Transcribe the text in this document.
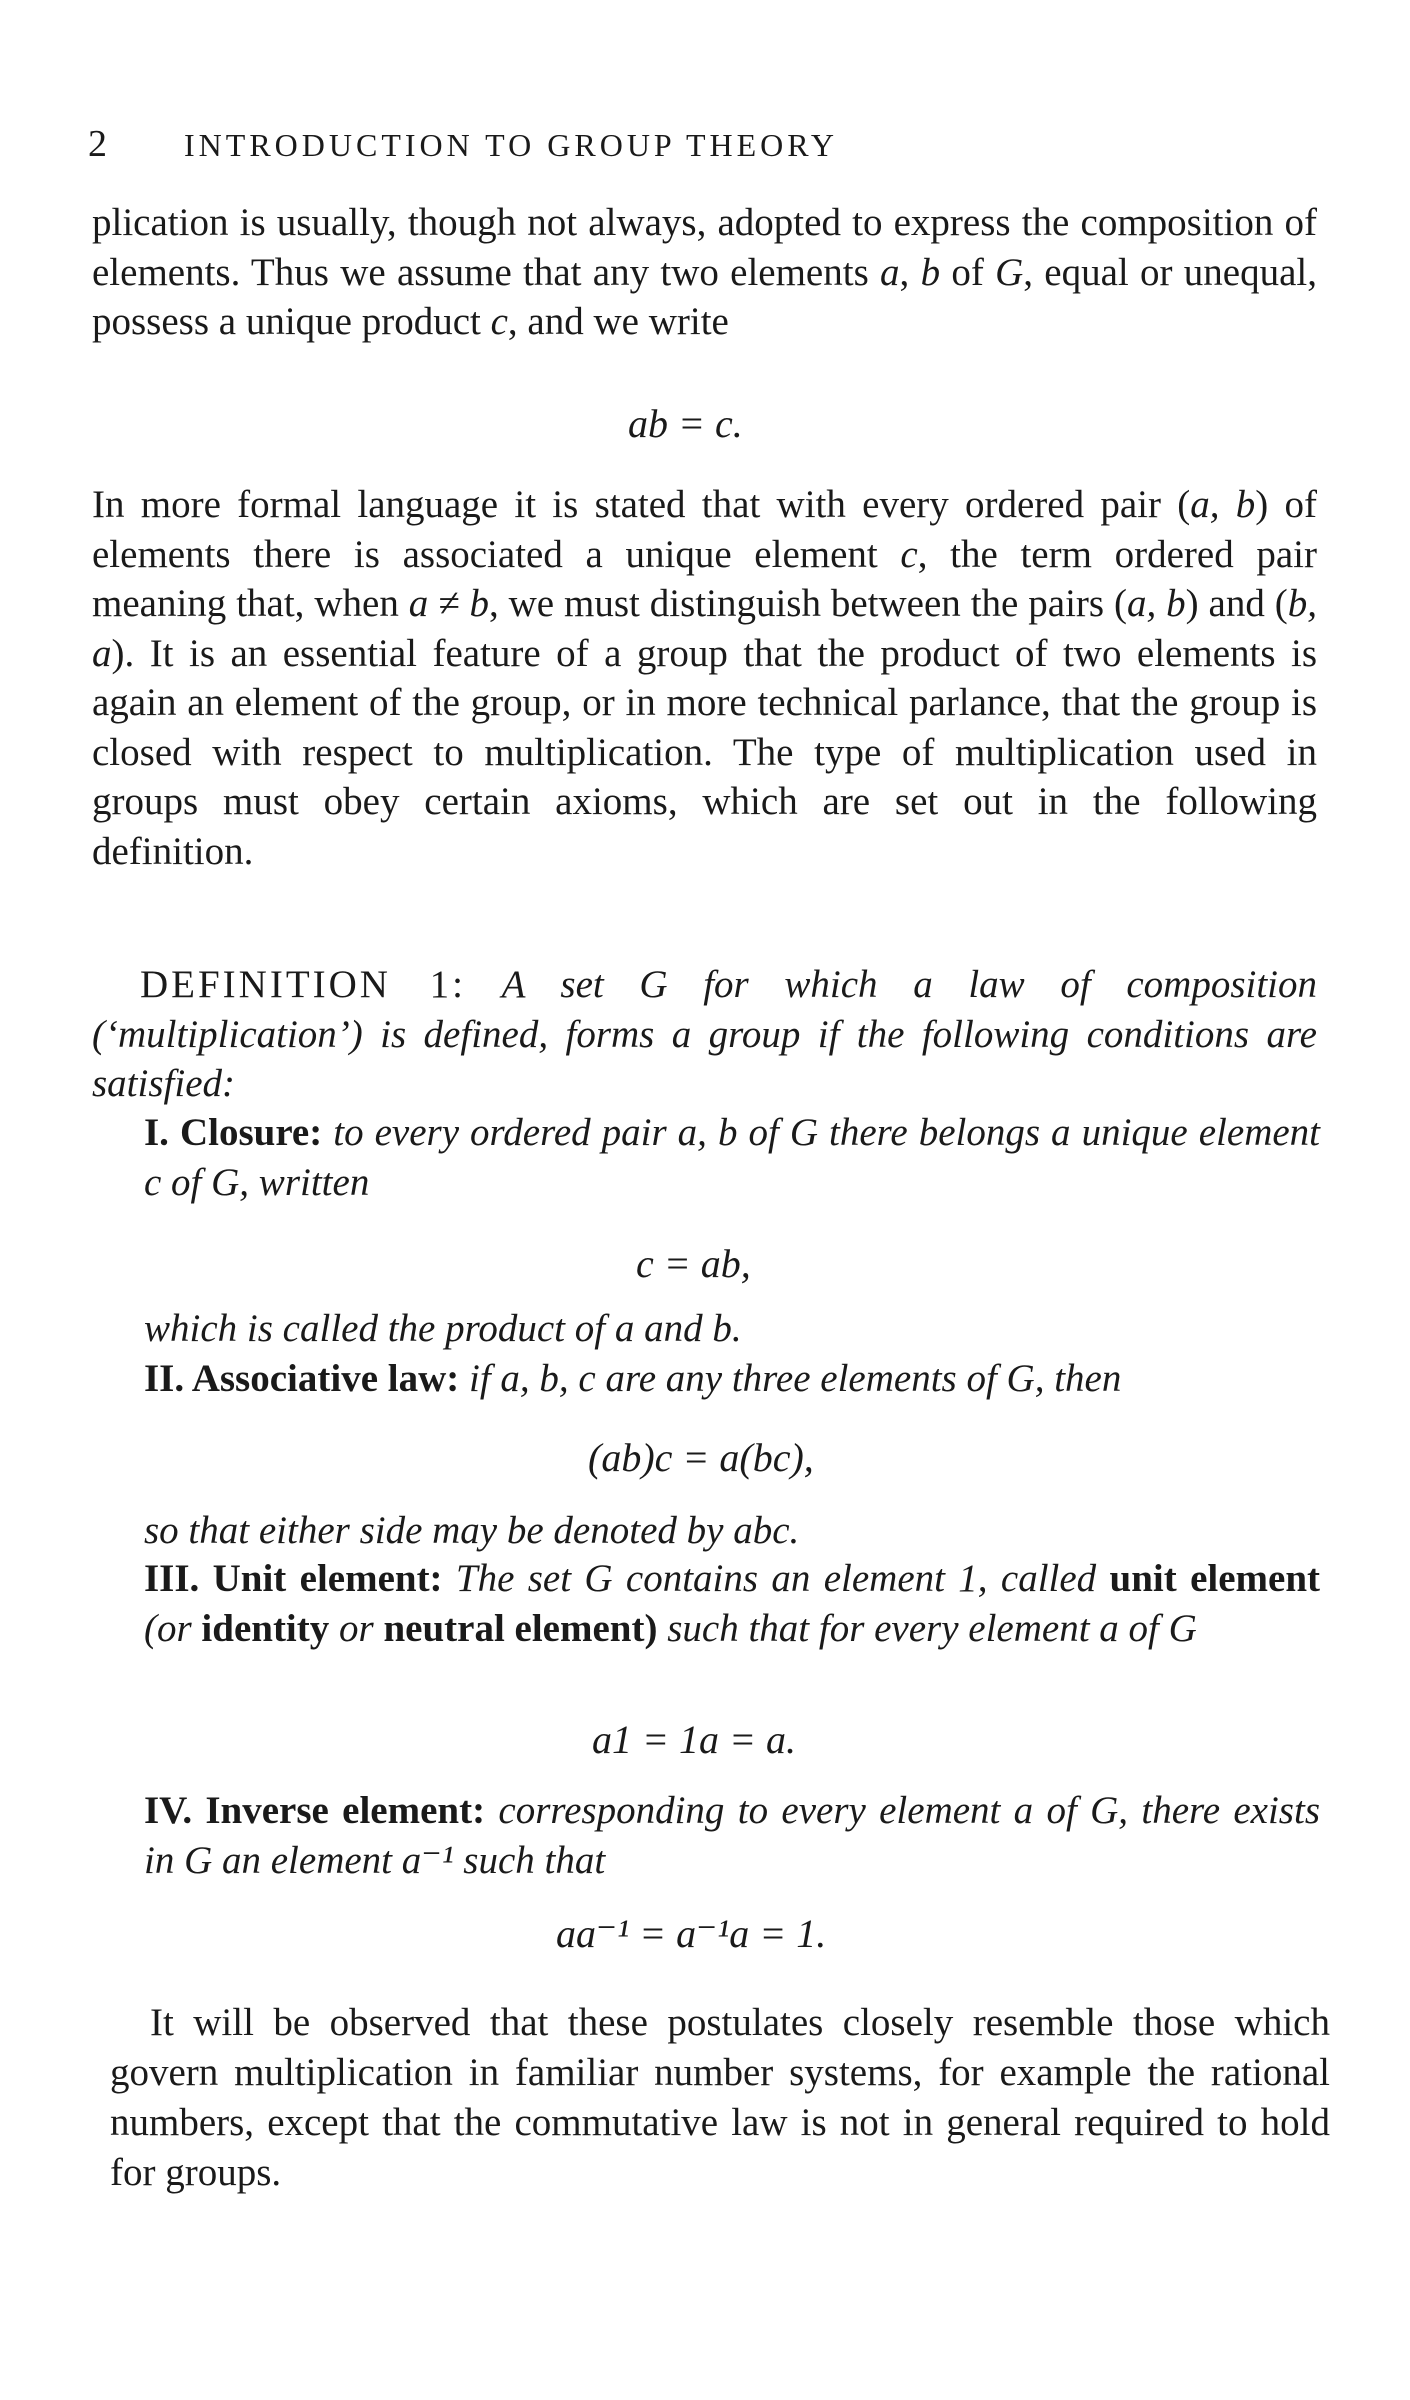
2 INTRODUCTION TO GROUP THEORY

plication is usually, though not always, adopted to express the composition of elements. Thus we assume that any two elements a, b of G, equal or unequal, possess a unique product c, and we write

ab = c.

In more formal language it is stated that with every ordered pair (a, b) of elements there is associated a unique element c, the term ordered pair meaning that, when a ≠ b, we must distinguish between the pairs (a, b) and (b, a). It is an essential feature of a group that the product of two elements is again an element of the group, or in more technical parlance, that the group is closed with respect to multiplication. The type of multiplication used in groups must obey certain axioms, which are set out in the following definition.

DEFINITION 1: A set G for which a law of composition (‘multiplication’) is defined, forms a group if the following conditions are satisfied:

I. Closure: to every ordered pair a, b of G there belongs a unique element c of G, written

c = ab,

which is called the product of a and b.

II. Associative law: if a, b, c are any three elements of G, then

(ab)c = a(bc),

so that either side may be denoted by abc.

III. Unit element: The set G contains an element 1, called unit element (or identity or neutral element) such that for every element a of G

a1 = 1a = a.

IV. Inverse element: corresponding to every element a of G, there exists in G an element a⁻¹ such that

aa⁻¹ = a⁻¹a = 1.

It will be observed that these postulates closely resemble those which govern multiplication in familiar number systems, for example the rational numbers, except that the commutative law is not in general required to hold for groups.
